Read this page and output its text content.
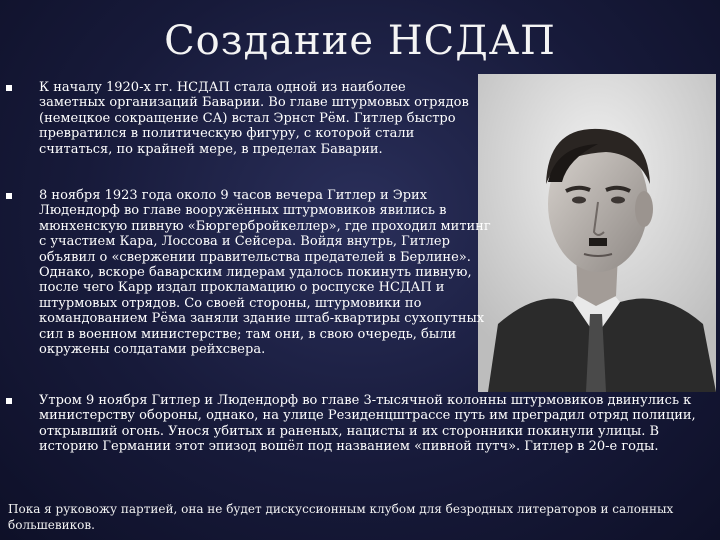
Создание НСДАП
К началу 1920-х гг. НСДАП стала одной из наиболее заметных организаций Баварии. Во главе штурмовых отрядов (немецкое сокращение СА) встал Эрнст Рём. Гитлер быстро превратился в политическую фигуру, с которой стали считаться, по крайней мере, в пределах Баварии.
8 ноября 1923 года около 9 часов вечера Гитлер и Эрих Людендорф во главе вооружённых штурмовиков явились в мюнхенскую пивную «Бюргербройкеллер», где проходил митинг с участием Кара, Лоссова и Сейсера. Войдя внутрь, Гитлер объявил о «свержении правительства предателей в Берлине». Однако, вскоре баварским лидерам удалось покинуть пивную, после чего Карр издал прокламацию о роспуске НСДАП и штурмовых отрядов. Со своей стороны, штурмовики по командованием Рёма заняли здание штаб-квартиры сухопутных сил в военном министерстве; там они, в свою очередь, были окружены солдатами рейхсвера.
Утром 9 ноября Гитлер и Людендорф во главе 3-тысячной колонны штурмовиков двинулись к министерству обороны, однако, на улице Резиденцштрассе путь им преградил отряд полиции, открывший огонь. Унося убитых и раненых, нацисты и их сторонники покинули улицы. В историю Германии этот эпизод вошёл под названием «пивной путч». Гитлер в 20-е годы.
Пока я руковожу партией, она не будет дискуссионным клубом для безродных литераторов и салонных большевиков.
